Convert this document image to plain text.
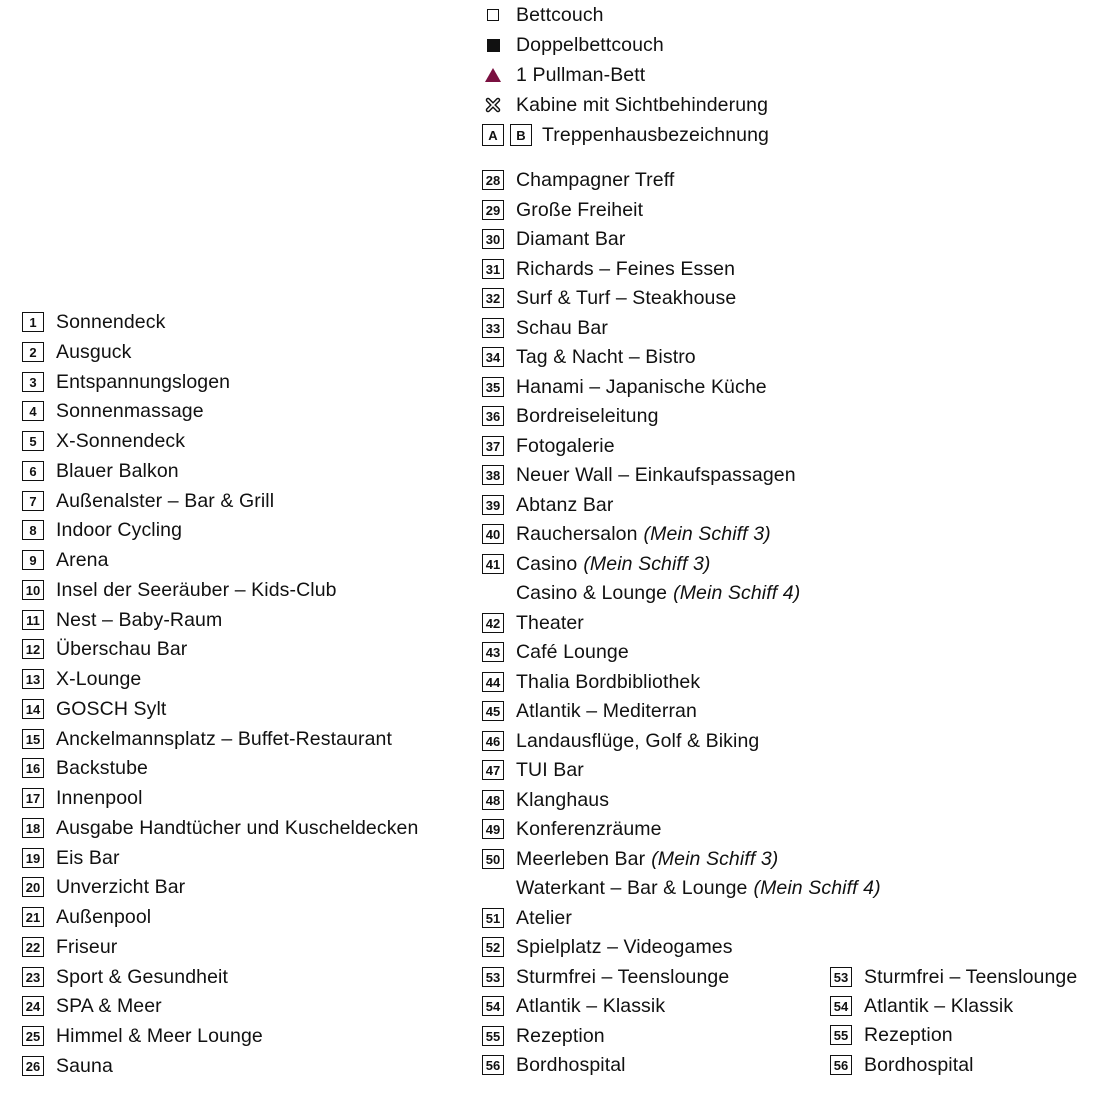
Bettcouch
Doppelbettcouch
1 Pullman-Bett
Kabine mit Sichtbehinderung
A	B Treppenhausbezeichnung
1 Sonnendeck
2 Ausguck
3 Entspannungslogen
4 Sonnenmassage
5 X-Sonnendeck
6 Blauer Balkon
7 Außenalster – Bar & Grill
8 Indoor Cycling
9 Arena
10 Insel der Seeräuber – Kids-Club
11 Nest – Baby-Raum
12 Überschau Bar
13 X-Lounge
14 GOSCH Sylt
15 Anckelmannsplatz – Buffet-Restaurant
16 Backstube
17 Innenpool
18 Ausgabe Handtücher und Kuscheldecken
19 Eis Bar
20 Unverzicht Bar
21 Außenpool
22 Friseur
23 Sport & Gesundheit
24 SPA & Meer
25 Himmel & Meer Lounge
26 Sauna
28 Champagner Treff
29 Große Freiheit
30 Diamant Bar
31 Richards – Feines Essen
32 Surf & Turf – Steakhouse
33 Schau Bar
34 Tag & Nacht – Bistro
35 Hanami – Japanische Küche
36 Bordreiseleitung
37 Fotogalerie
38 Neuer Wall – Einkaufspassagen
39 Abtanz Bar
40 Rauchersalon (Mein Schiff 3)
41 Casino (Mein Schiff 3)
Casino & Lounge (Mein Schiff 4)
42 Theater
43 Café Lounge
44 Thalia Bordbibliothek
45 Atlantik – Mediterran
46 Landausflüge, Golf & Biking
47 TUI Bar
48 Klanghaus
49 Konferenzräume
50 Meerleben Bar (Mein Schiff 3)
Waterkant – Bar & Lounge (Mein Schiff 4)
51 Atelier
52 Spielplatz – Videogames
53 Sturmfrei – Teenslounge
54 Atlantik – Klassik
55 Rezeption
56 Bordhospital
53 Sturmfrei – Teenslounge
54 Atlantik – Klassik
55 Rezeption
56 Bordhospital
